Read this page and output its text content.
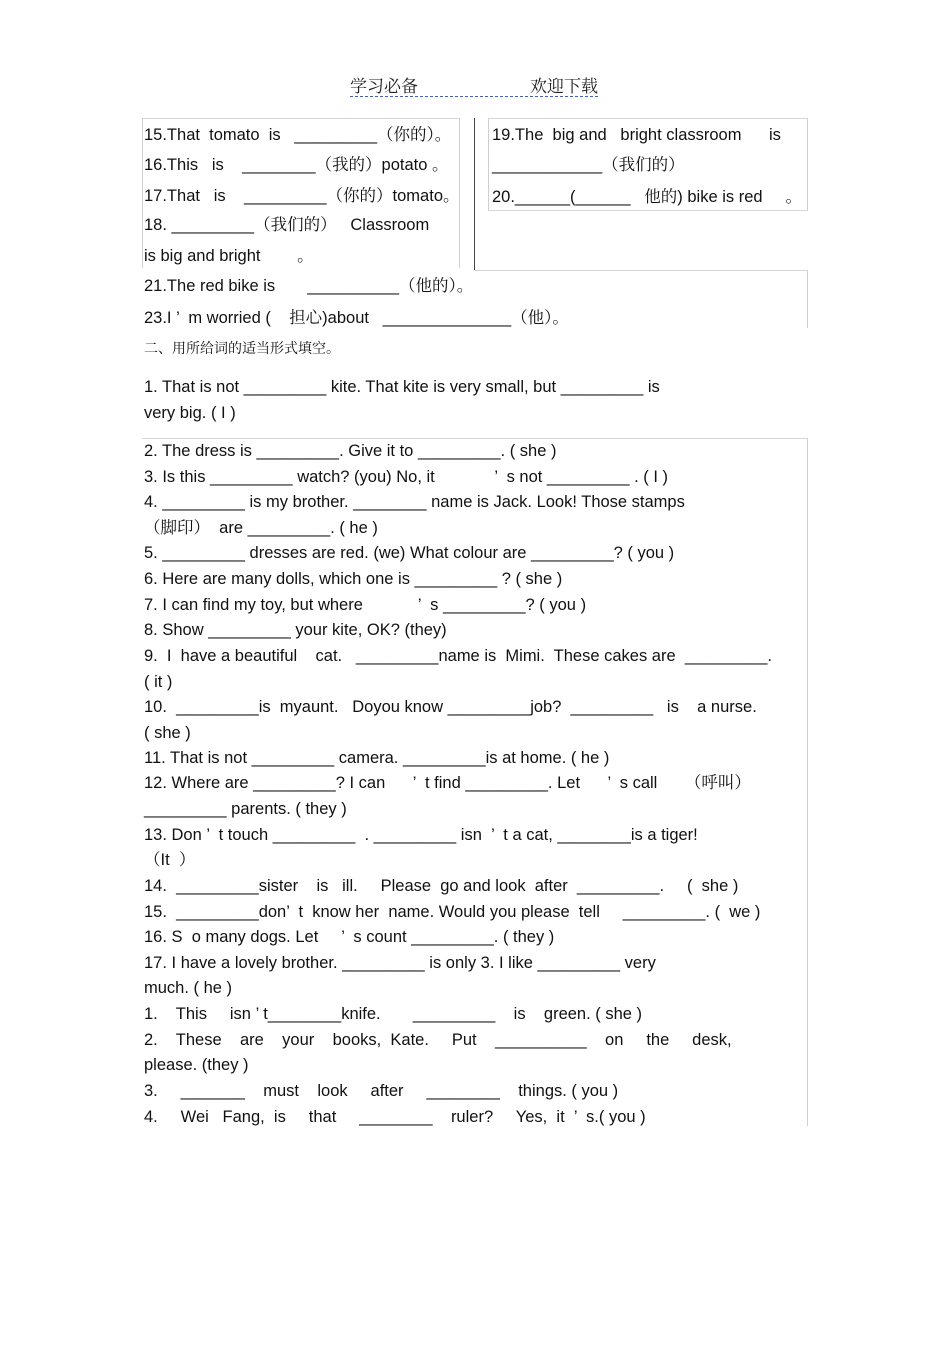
学习必备	欢迎下载
15.That  tomato  is   _________（你的）。
16.This   is    ________（我的）potato 。
17.That   is    _________（你的）tomato。
18. _________（我们的）   Classroom
is big and bright        。
19.The  big and   bright classroom      is
____________（我们的）
20.______(______   他的) bike is red     。
21.The red bike is       __________（他的）。
23.I ’  m worried (    担心)about   ______________（他）。
二、用所给词的适当形式填空。
1. That is not _________ kite. That kite is very small, but _________ is
very big. ( I )
2. The dress is _________. Give it to _________. ( she )
3. Is this _________ watch? (you) No, it             ’  s not _________ . ( I )
4. _________ is my brother. ________ name is Jack. Look! Those stamps
（脚印）  are _________. ( he )
5. _________ dresses are red. (we) What colour are _________? ( you )
6. Here are many dolls, which one is _________ ? ( she )
7. I can find my toy, but where            ’  s _________? ( you )
8. Show _________ your kite, OK? (they)
9.  I  have a beautiful    cat.   _________name is  Mimi.  These cakes are  _________.
( it )
10.  _________is  myaunt.   Doyou know _________job?  _________   is    a nurse.
( she )
11. That is not _________ camera. _________is at home. ( he )
12. Where are _________? I can      ’  t find _________. Let      ’  s call      （呼叫）
_________ parents. ( they )
13. Don ’  t touch _________  . _________ isn  ’  t a cat, ________is a tiger!
（It  ）
14.  _________sister    is   ill.     Please  go and look  after  _________.     (  she )
15.  _________don’  t  know her  name. Would you please  tell     _________. (  we )
16. S  o many dogs. Let     ’  s count _________. ( they )
17. I have a lovely brother. _________ is only 3. I like _________ very
much. ( he )
1.    This     isn ’ t________knife.       _________    is    green. ( she )
2.    These    are    your    books,  Kate.     Put    __________    on     the     desk,
please. (they )
3.     _______    must    look     after     ________    things. ( you )
4.     Wei   Fang,  is     that     ________    ruler?     Yes,  it  ’  s.( you )
